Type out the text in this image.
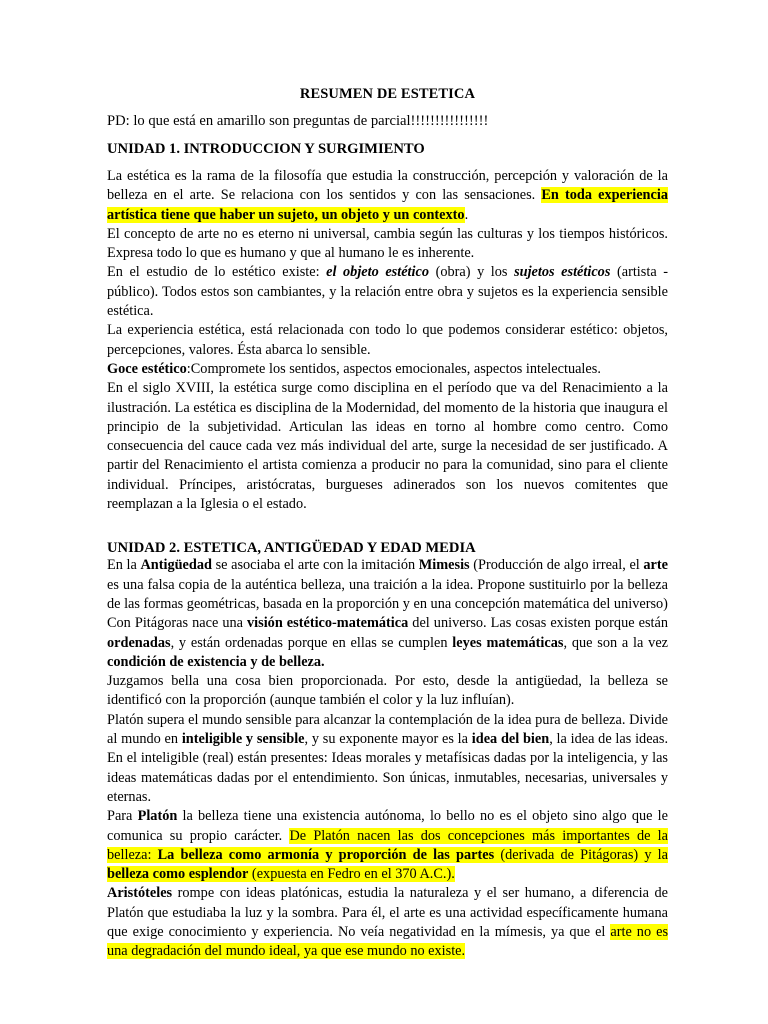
RESUMEN DE ESTETICA
PD: lo que está en amarillo son preguntas de parcial!!!!!!!!!!!!!!!!
UNIDAD 1. INTRODUCCION Y SURGIMIENTO

La estética es la rama de la filosofía que estudia la construcción, percepción y valoración de la belleza en el arte. Se relaciona con los sentidos y con las sensaciones. En toda experiencia artística tiene que haber un sujeto, un objeto y un contexto.

El concepto de arte no es eterno ni universal, cambia según las culturas y los tiempos históricos. Expresa todo lo que es humano y que al humano le es inherente.

En el estudio de lo estético existe: el objeto estético (obra) y los sujetos estéticos (artista - público). Todos estos son cambiantes, y la relación entre obra y sujetos es la experiencia sensible estética.

La experiencia estética, está relacionada con todo lo que podemos considerar estético: objetos, percepciones, valores. Ésta abarca lo sensible.

Goce estético:Compromete los sentidos, aspectos emocionales, aspectos intelectuales.

En el siglo XVIII, la estética surge como disciplina en el período que va del Renacimiento a la ilustración. La estética es disciplina de la Modernidad, del momento de la historia que inaugura el principio de la subjetividad. Articulan las ideas en torno al hombre como centro. Como consecuencia del cauce cada vez más individual del arte, surge la necesidad de ser justificado. A partir del Renacimiento el artista comienza a producir no para la comunidad, sino para el cliente individual. Príncipes, aristócratas, burgueses adinerados son los nuevos comitentes que reemplazan a la Iglesia o el estado.

UNIDAD 2. ESTETICA, ANTIGÜEDAD Y EDAD MEDIA

En la Antigüedad se asociaba el arte con la imitación Mimesis (Producción de algo irreal, el arte es una falsa copia de la auténtica belleza, una traición a la idea. Propone sustituirlo por la belleza de las formas geométricas, basada en la proporción y en una concepción matemática del universo)

Con Pitágoras nace una visión estético-matemática del universo. Las cosas existen porque están ordenadas, y están ordenadas porque en ellas se cumplen leyes matemáticas, que son a la vez condición de existencia y de belleza.

Juzgamos bella una cosa bien proporcionada. Por esto, desde la antigüedad, la belleza se identificó con la proporción (aunque también el color y la luz influían).

Platón supera el mundo sensible para alcanzar la contemplación de la idea pura de belleza. Divide al mundo en inteligible y sensible, y su exponente mayor es la idea del bien, la idea de las ideas. En el inteligible (real) están presentes: Ideas morales y metafísicas dadas por la inteligencia, y las ideas matemáticas dadas por el entendimiento. Son únicas, inmutables, necesarias, universales y eternas.

Para Platón la belleza tiene una existencia autónoma, lo bello no es el objeto sino algo que le comunica su propio carácter. De Platón nacen las dos concepciones más importantes de la belleza: La belleza como armonía y proporción de las partes (derivada de Pitágoras) y la belleza como esplendor (expuesta en Fedro en el 370 A.C.).

Aristóteles rompe con ideas platónicas, estudia la naturaleza y el ser humano, a diferencia de Platón que estudiaba la luz y la sombra. Para él, el arte es una actividad específicamente humana que exige conocimiento y experiencia. No veía negatividad en la mímesis, ya que el arte no es una degradación del mundo ideal, ya que ese mundo no existe.
